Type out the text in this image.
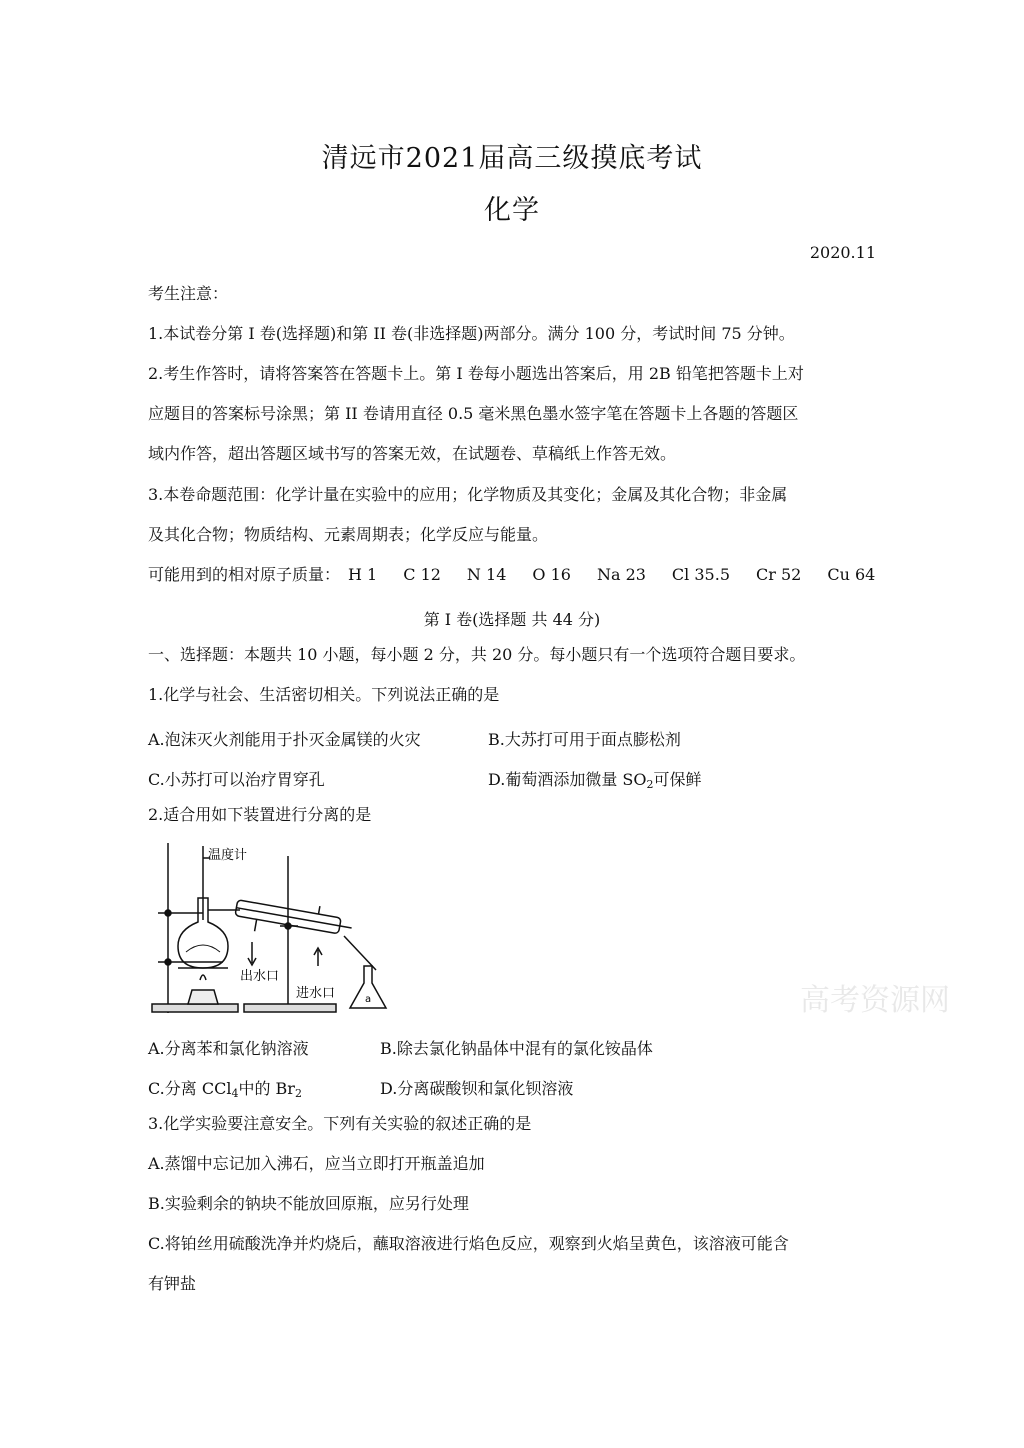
清远市2021届高三级摸底考试
化学
2020.11
考生注意：
1.本试卷分第 I 卷(选择题)和第 II 卷(非选择题)两部分。满分 100 分，考试时间 75 分钟。
2.考生作答时，请将答案答在答题卡上。第 I 卷每小题选出答案后，用 2B 铅笔把答题卡上对
应题目的答案标号涂黑；第 II 卷请用直径 0.5 毫米黑色墨水签字笔在答题卡上各题的答题区
域内作答，超出答题区域书写的答案无效，在试题卷、草稿纸上作答无效。
3.本卷命题范围：化学计量在实验中的应用；化学物质及其变化；金属及其化合物；非金属
及其化合物；物质结构、元素周期表；化学反应与能量。
可能用到的相对原子质量： H 1 C 12 N 14 O 16 Na 23 Cl 35.5 Cr 52 Cu 64
第 I 卷(选择题 共 44 分)
一、选择题：本题共 10 小题，每小题 2 分，共 20 分。每小题只有一个选项符合题目要求。
1.化学与社会、生活密切相关。下列说法正确的是
A.泡沫灭火剂能用于扑灭金属镁的火灾	B.大苏打可用于面点膨松剂
C.小苏打可以治疗胃穿孔	D.葡萄酒添加微量 $SO_2$可保鲜
2.适合用如下装置进行分离的是
温度计
出水口
进水口	a	高考资源网
A.分离苯和氯化钠溶液	B.除去氯化钠晶体中混有的氯化铵晶体
C.分离 CCl$_4$中的 $Br_2$	D.分离碳酸钡和氯化钡溶液
3.化学实验要注意安全。下列有关实验的叙述正确的是
A.蒸馏中忘记加入沸石，应当立即打开瓶盖追加
B.实验剩余的钠块不能放回原瓶，应另行处理
C.将铂丝用硫酸洗净并灼烧后，蘸取溶液进行焰色反应，观察到火焰呈黄色，该溶液可能含
有钾盐
